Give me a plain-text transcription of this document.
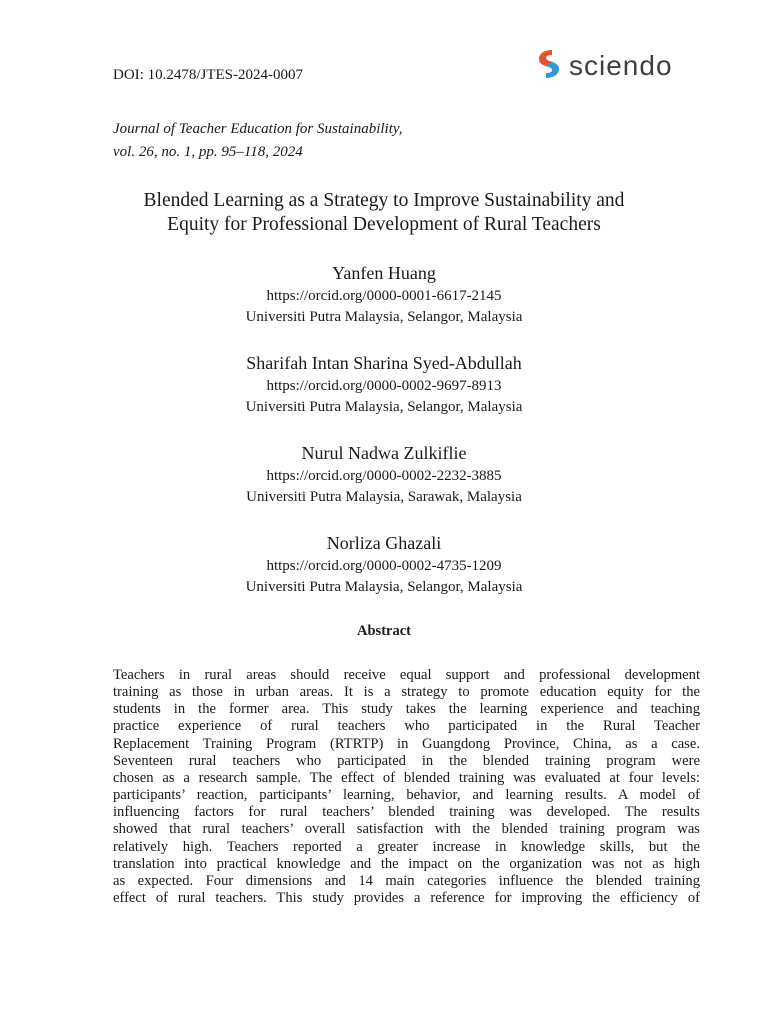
DOI: 10.2478/JTES-2024-0007	sciendo
Journal of Teacher Education for Sustainability,
vol. 26, no. 1, pp. 95–118, 2024
Blended Learning as a Strategy to Improve Sustainability and
Equity for Professional Development of Rural Teachers
Yanfen Huang
https://orcid.org/0000-0001-6617-2145
Universiti Putra Malaysia, Selangor, Malaysia
Sharifah Intan Sharina Syed-Abdullah
https://orcid.org/0000-0002-9697-8913
Universiti Putra Malaysia, Selangor, Malaysia
Nurul Nadwa Zulkiflie
https://orcid.org/0000-0002-2232-3885
Universiti Putra Malaysia, Sarawak, Malaysia
Norliza Ghazali
https://orcid.org/0000-0002-4735-1209
Universiti Putra Malaysia, Selangor, Malaysia
Abstract
Teachers in rural areas should receive equal support and professional development
training as those in urban areas. It is a strategy to promote education equity for the
students in the former area. This study takes the learning experience and teaching
practice experience of rural teachers who participated in the Rural Teacher
Replacement Training Program (RTRTP) in Guangdong Province, China, as a case.
Seventeen rural teachers who participated in the blended training program were
chosen as a research sample. The effect of blended training was evaluated at four levels:
participants’ reaction, participants’ learning, behavior, and learning results. A model of
influencing factors for rural teachers’ blended training was developed. The results
showed that rural teachers’ overall satisfaction with the blended training program was
relatively high. Teachers reported a greater increase in knowledge skills, but the
translation into practical knowledge and the impact on the organization was not as high
as expected. Four dimensions and 14 main categories influence the blended training
effect of rural teachers. This study provides a reference for improving the efficiency of
